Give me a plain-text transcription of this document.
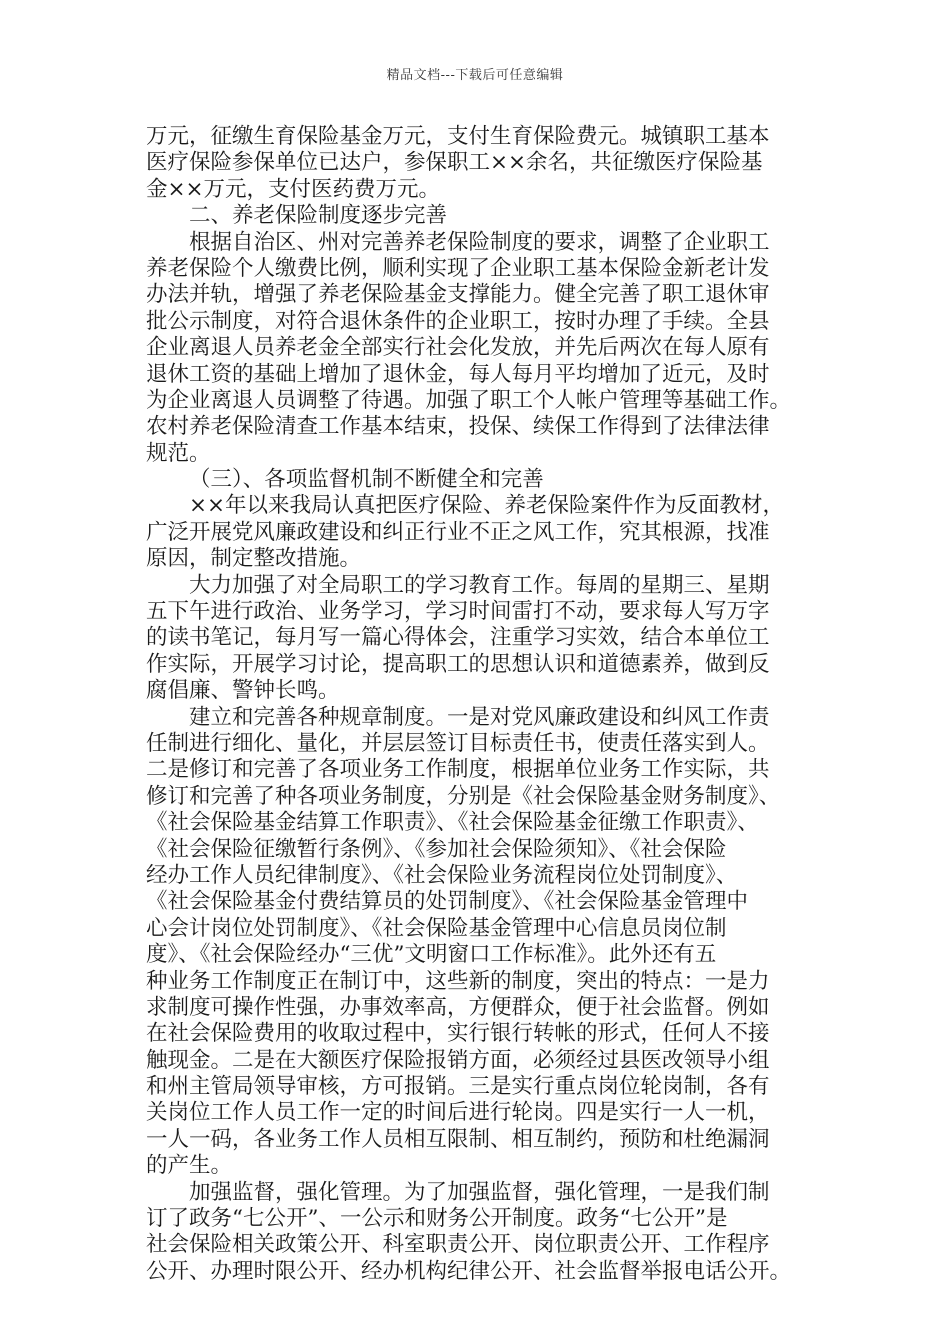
精品文档---下载后可任意编辑
万元，征缴生育保险基金万元，支付生育保险费元。城镇职工基本
医疗保险参保单位已达户，参保职工××余名，共征缴医疗保险基
金××万元，支付医药费万元。
二、养老保险制度逐步完善
根据自治区、州对完善养老保险制度的要求，调整了企业职工
养老保险个人缴费比例，顺利实现了企业职工基本保险金新老计发
办法并轨，增强了养老保险基金支撑能力。健全完善了职工退休审
批公示制度，对符合退休条件的企业职工，按时办理了手续。全县
企业离退人员养老金全部实行社会化发放，并先后两次在每人原有
退休工资的基础上增加了退休金，每人每月平均增加了近元，及时
为企业离退人员调整了待遇。加强了职工个人帐户管理等基础工作。
农村养老保险清查工作基本结束，投保、续保工作得到了法律法律
规范。
（三）、各项监督机制不断健全和完善
××年以来我局认真把医疗保险、养老保险案件作为反面教材，
广泛开展党风廉政建设和纠正行业不正之风工作，究其根源，找准
原因，制定整改措施。
大力加强了对全局职工的学习教育工作。每周的星期三、星期
五下午进行政治、业务学习，学习时间雷打不动，要求每人写万字
的读书笔记，每月写一篇心得体会，注重学习实效，结合本单位工
作实际，开展学习讨论，提高职工的思想认识和道德素养，做到反
腐倡廉、警钟长鸣。
建立和完善各种规章制度。一是对党风廉政建设和纠风工作责
任制进行细化、量化，并层层签订目标责任书，使责任落实到人。
二是修订和完善了各项业务工作制度，根据单位业务工作实际，共
修订和完善了种各项业务制度，分别是《社会保险基金财务制度》、
《社会保险基金结算工作职责》、《社会保险基金征缴工作职责》、
《社会保险征缴暂行条例》、《参加社会保险须知》、《社会保险
经办工作人员纪律制度》、《社会保险业务流程岗位处罚制度》、
《社会保险基金付费结算员的处罚制度》、《社会保险基金管理中
心会计岗位处罚制度》、《社会保险基金管理中心信息员岗位制
度》、《社会保险经办“三优”文明窗口工作标准》。此外还有五
种业务工作制度正在制订中，这些新的制度，突出的特点：一是力
求制度可操作性强，办事效率高，方便群众，便于社会监督。例如
在社会保险费用的收取过程中，实行银行转帐的形式，任何人不接
触现金。二是在大额医疗保险报销方面，必须经过县医改领导小组
和州主管局领导审核，方可报销。三是实行重点岗位轮岗制，各有
关岗位工作人员工作一定的时间后进行轮岗。四是实行一人一机，
一人一码，各业务工作人员相互限制、相互制约，预防和杜绝漏洞
的产生。
加强监督，强化管理。为了加强监督，强化管理，一是我们制
订了政务“七公开”、一公示和财务公开制度。政务“七公开”是
社会保险相关政策公开、科室职责公开、岗位职责公开、工作程序
公开、办理时限公开、经办机构纪律公开、社会监督举报电话公开。
